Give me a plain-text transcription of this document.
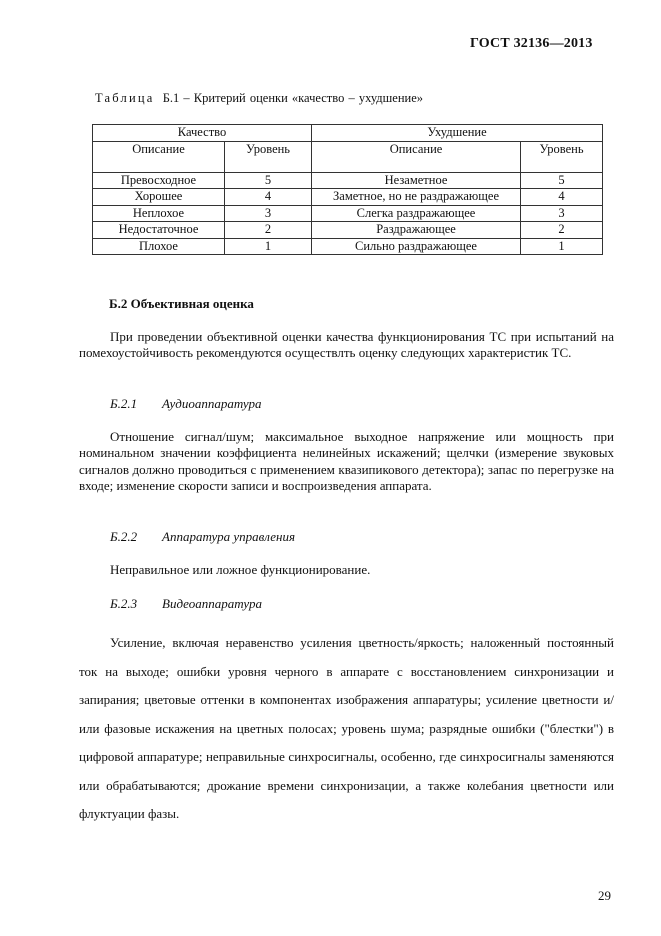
ГОСТ 32136—2013
Таблица Б.1 – Критерий оценки «качество – ухудшение»
Качество		Ухудшение	
Описание	Уровень	Описание	Уровень
Превосходное	5	Незаметное	5
Хорошее	4	Заметное, но не раздражающее	4
Неплохое	3	Слегка раздражающее	3
Недостаточное	2	Раздражающее	2
Плохое	1	Сильно раздражающее	1
Б.2 Объективная оценка
При проведении объективной оценки качества функционирования ТС при испытаний на помехоустойчивость рекомендуются осуществлть оценку следующих характеристик ТС.
Б.2.1 Аудиоаппаратура
Отношение сигнал/шум; максимальное выходное напряжение или мощность при номинальном значении коэффициента нелинейных искажений; щелчки (измерение звуковых сигналов должно проводиться с применением квазипикового детектора); запас по перегрузке на входе; изменение скорости записи и воспроизведения аппарата.
Б.2.2 Аппаратура управления
Неправильное или ложное функционирование.
Б.2.3 Видеоаппаратура
Усиление, включая неравенство усиления цветность/яркость; наложенный постоянный ток на выходе; ошибки уровня черного в аппарате с восстановлением синхронизации и запирания; цветовые оттенки в компонентах изображения аппаратуры; усиление цветности и/или фазовые искажения на цветных полосах; уровень шума; разрядные ошибки ("блестки") в цифровой аппаратуре; неправильные синхросигналы, особенно, где синхросигналы заменяются или обрабатываются; дрожание времени синхронизации, а также колебания цветности или флуктуации фазы.
29
